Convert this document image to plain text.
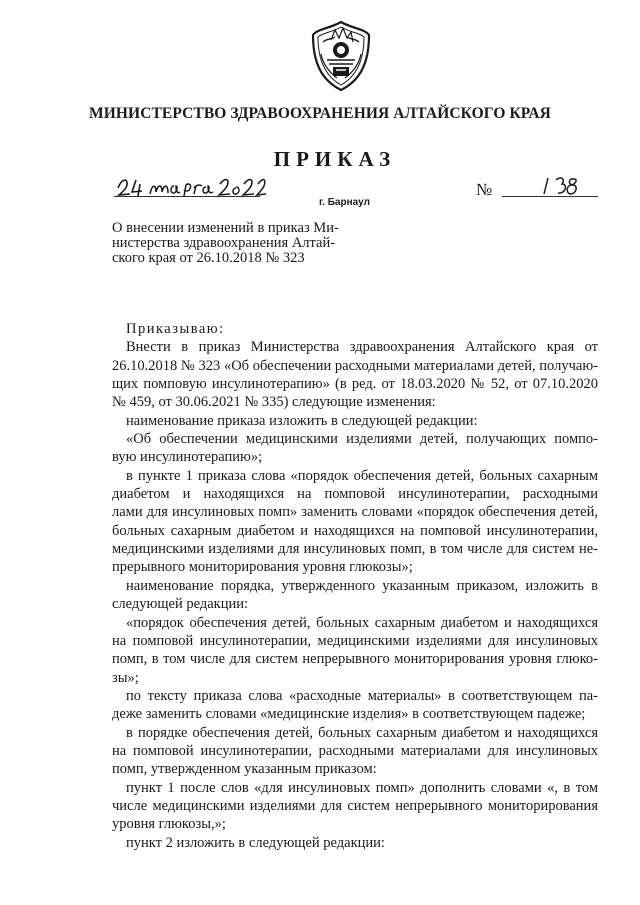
МИНИСТЕРСТВО ЗДРАВООХРАНЕНИЯ АЛТАЙСКОГО КРАЯ
ПРИКАЗ
г. Барнаул
№
О внесении изменений в приказ Ми-
нистерства здравоохранения Алтай-
ского края от 26.10.2018 № 323
Приказываю:
Внести в приказ Министерства здравоохранения Алтайского края от
26.10.2018 № 323 «Об обеспечении расходными материалами детей, получаю-
щих помповую инсулинотерапию» (в ред. от 18.03.2020 № 52, от 07.10.2020
№ 459, от 30.06.2021 № 335) следующие изменения:
наименование приказа изложить в следующей редакции:
«Об обеспечении медицинскими изделиями детей, получающих помпо-
вую инсулинотерапию»;
в пункте 1 приказа слова «порядок обеспечения детей, больных сахарным
диабетом и находящихся на помповой инсулинотерапии, расходными
лами для инсулиновых помп» заменить словами «порядок обеспечения детей,
больных сахарным диабетом и находящихся на помповой инсулинотерапии,
медицинскими изделиями для инсулиновых помп, в том числе для систем не-
прерывного мониторирования уровня глюкозы»;
наименование порядка, утвержденного указанным приказом, изложить в
следующей редакции:
«порядок обеспечения детей, больных сахарным диабетом и находящихся
на помповой инсулинотерапии, медицинскими изделиями для инсулиновых
помп, в том числе для систем непрерывного мониторирования уровня глюко-
зы»;
по тексту приказа слова «расходные материалы» в соответствующем па-
деже заменить словами «медицинские изделия» в соответствующем падеже;
в порядке обеспечения детей, больных сахарным диабетом и находящихся
на помповой инсулинотерапии, расходными материалами для инсулиновых
помп, утвержденном указанным приказом:
пункт 1 после слов «для инсулиновых помп» дополнить словами «, в том
числе медицинскими изделиями для систем непрерывного мониторирования
уровня глюкозы,»;
пункт 2 изложить в следующей редакции:
